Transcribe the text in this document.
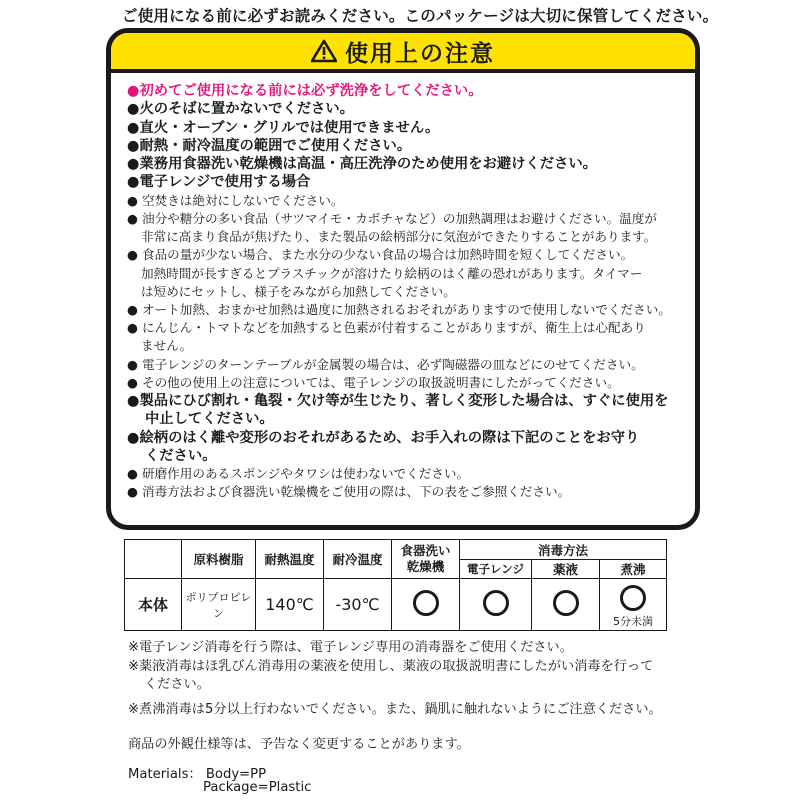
ご使用になる前に必ずお読みください。このパッケージは大切に保管してください。
使用上の注意
●初めてご使用になる前には必ず洗浄をしてください。
●火のそばに置かないでください。
●直火・オーブン・グリルでは使用できません。
●耐熱・耐冷温度の範囲でご使用ください。
●業務用食器洗い乾燥機は高温・高圧洗浄のため使用をお避けください。
●電子レンジで使用する場合
● 空焚きは絶対にしないでください。
● 油分や糖分の多い食品（サツマイモ・カボチャなど）の加熱調理はお避けください。温度が
非常に高まり食品が焦げたり、また製品の絵柄部分に気泡ができたりすることがあります。
● 食品の量が少ない場合、また水分の少ない食品の場合は加熱時間を短くしてください。
加熱時間が長すぎるとプラスチックが溶けたり絵柄のはく離の恐れがあります。タイマー
は短めにセットし、様子をみながら加熱してください。
● オート加熱、おまかせ加熱は過度に加熱されるおそれがありますので使用しないでください。
● にんじん・トマトなどを加熱すると色素が付着することがありますが、衛生上は心配あり
ません。
● 電子レンジのターンテーブルが金属製の場合は、必ず陶磁器の皿などにのせてください。
● その他の使用上の注意については、電子レンジの取扱説明書にしたがってください。
●製品にひび割れ・亀裂・欠け等が生じたり、著しく変形した場合は、すぐに使用を
中止してください。
●絵柄のはく離や変形のおそれがあるため、お手入れの際は下記のことをお守り
ください。
● 研磨作用のあるスポンジやタワシは使わないでください。
● 消毒方法および食器洗い乾燥機をご使用の際は、下の表をご参照ください。
	原料樹脂	耐熱温度	耐冷温度	食器洗い
乾燥機	消毒方法		
					電子レンジ	薬液	煮沸
本体	ポリプロピレン	140℃	-30℃				5分未満
※電子レンジ消毒を行う際は、電子レンジ専用の消毒器をご使用ください。
※薬液消毒はほ乳びん消毒用の薬液を使用し、薬液の取扱説明書にしたがい消毒を行って
ください。
※煮沸消毒は5分以上行わないでください。また、鍋肌に触れないようにご注意ください。
商品の外観仕様等は、予告なく変更することがあります。
Materials： Body=PP
Package=Plastic
